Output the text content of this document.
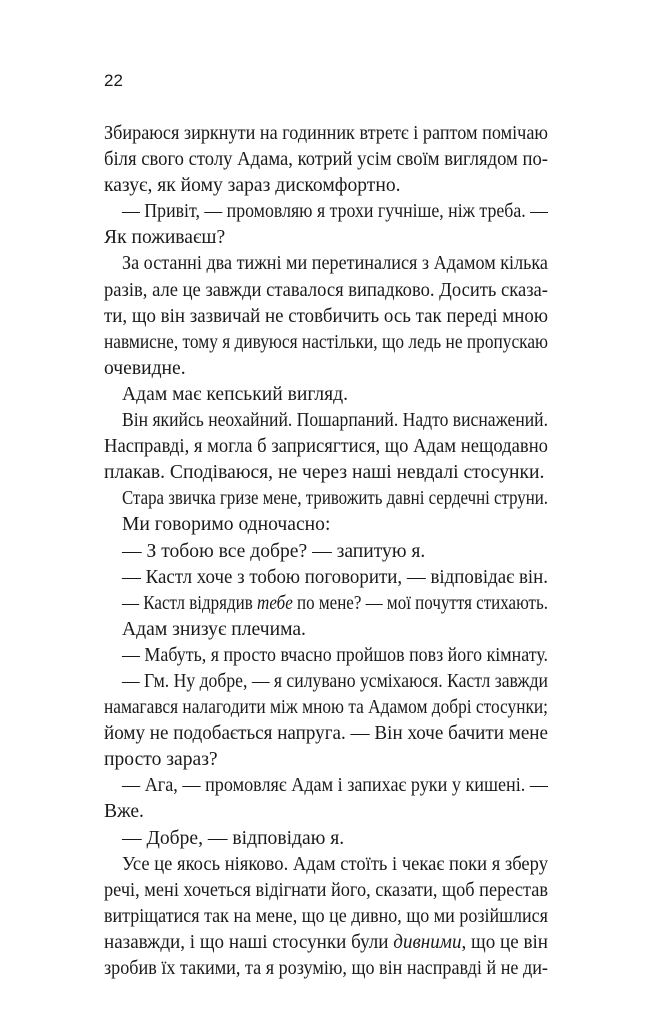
22
Збираюся зиркнути на годинник втретє і раптом помічаю
біля свого столу Адама, котрий усім своїм виглядом по-
казує, як йому зараз дискомфортно.
— Привіт, — промовляю я трохи гучніше, ніж треба. —
Як поживаєш?
За останні два тижні ми перетиналися з Адамом кілька
разів, але це завжди ставалося випадково. Досить сказа-
ти, що він зазвичай не стовбичить ось так переді мною
навмисне, тому я дивуюся настільки, що ледь не пропускаю
очевидне.
Адам має кепський вигляд.
Він якийсь неохайний. Пошарпаний. Надто виснажений.
Насправді, я могла б заприсягтися, що Адам нещодавно
плакав. Сподіваюся, не через наші невдалі стосунки.
Стара звичка гризе мене, тривожить давні сердечні струни.
Ми говоримо одночасно:
— З тобою все добре? — запитую я.
— Кастл хоче з тобою поговорити, — відповідає він.
— Кастл відрядив тебе по мене? — мої почуття стихають.
Адам знизує плечима.
— Мабуть, я просто вчасно пройшов повз його кімнату.
— Гм. Ну добре, — я силувано усміхаюся. Кастл завжди
намагався налагодити між мною та Адамом добрі стосунки;
йому не подобається напруга. — Він хоче бачити мене
просто зараз?
— Ага, — промовляє Адам і запихає руки у кишені. —
Вже.
— Добре, — відповідаю я.
Усе це якось ніяково. Адам стоїть і чекає поки я зберу
речі, мені хочеться відігнати його, сказати, щоб перестав
витріщатися так на мене, що це дивно, що ми розійшлися
назавжди, і що наші стосунки були дивними, що це він
зробив їх такими, та я розумію, що він насправді й не ди-
